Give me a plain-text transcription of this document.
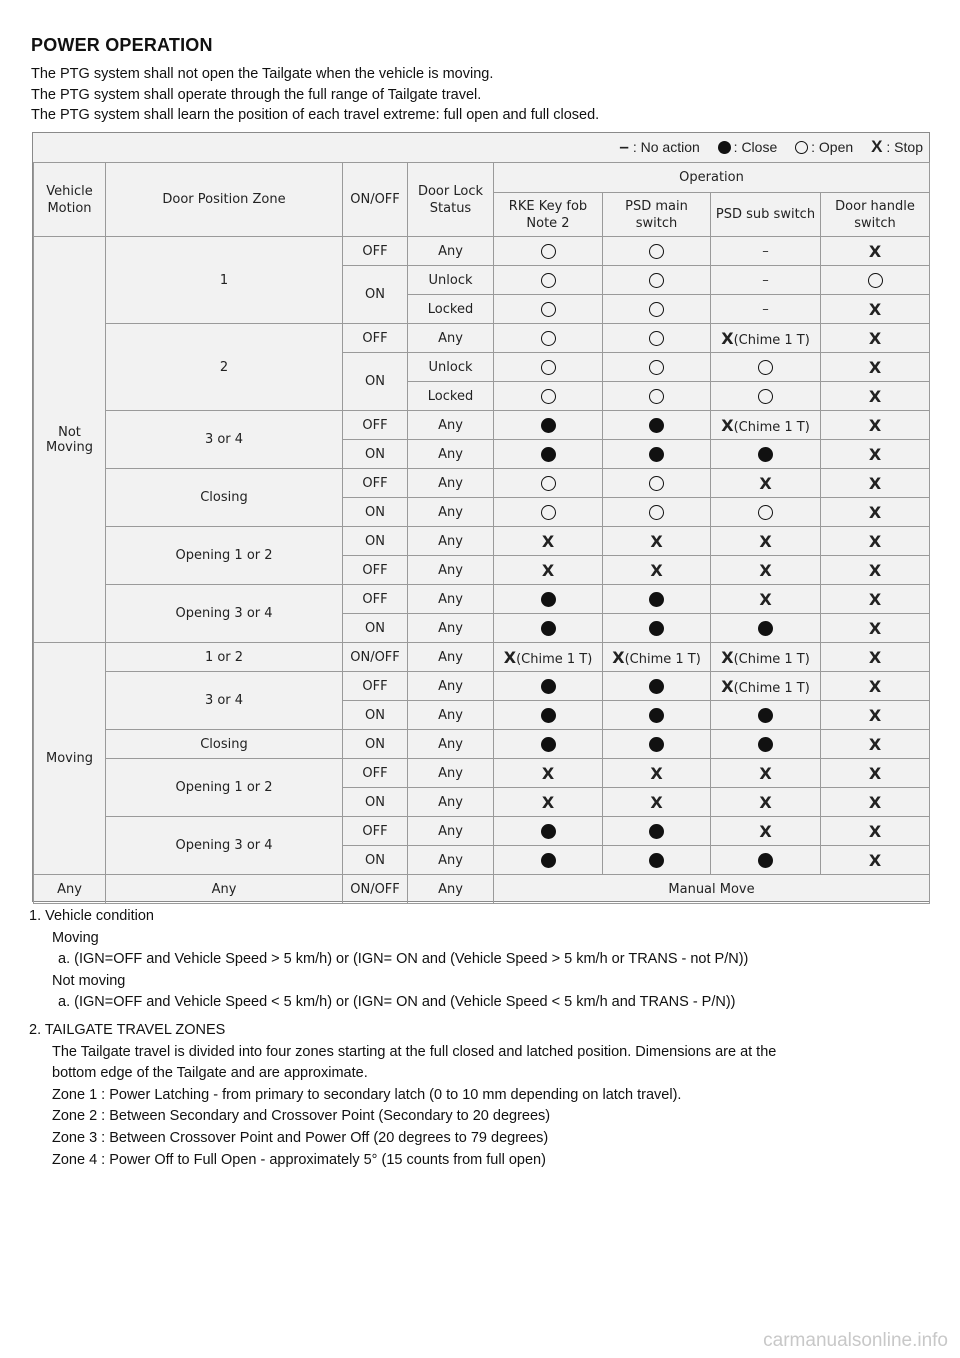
POWER OPERATION
The PTG system shall not open the Tailgate when the vehicle is moving.
The PTG system shall operate through the full range of Tailgate travel.
The PTG system shall learn the position of each travel extreme: full open and full closed.
– : No action : Close : Open X : Stop
Vehicle Motion	Door Position Zone	ON/OFF	Door Lock Status	Operation			
				RKE Key fob Note 2	PSD main switch	PSD sub switch	Door handle switch
Not Moving	1	OFF	Any			–	X
		ON	Unlock			–	
			Locked			–	X
	2	OFF	Any			X(Chime 1 T)	X
		ON	Unlock				X
			Locked				X
	3 or 4	OFF	Any			X(Chime 1 T)	X
		ON	Any				X
	Closing	OFF	Any			X	X
		ON	Any				X
	Opening 1 or 2	ON	Any	X	X	X	X
		OFF	Any	X	X	X	X
	Opening 3 or 4	OFF	Any			X	X
		ON	Any				X
Moving	1 or 2	ON/OFF	Any	X(Chime 1 T)	X(Chime 1 T)	X(Chime 1 T)	X
	3 or 4	OFF	Any			X(Chime 1 T)	X
		ON	Any				X
	Closing	ON	Any				X
	Opening 1 or 2	OFF	Any	X	X	X	X
		ON	Any	X	X	X	X
	Opening 3 or 4	OFF	Any			X	X
		ON	Any				X
Any	Any	ON/OFF	Any	Manual Move			
1. Vehicle condition
Moving
a. (IGN=OFF and Vehicle Speed > 5 km/h) or (IGN= ON and (Vehicle Speed > 5 km/h or TRANS - not P/N))
Not moving
a. (IGN=OFF and Vehicle Speed < 5 km/h) or (IGN= ON and (Vehicle Speed < 5 km/h and TRANS - P/N))
2. TAILGATE TRAVEL ZONES
The Tailgate travel is divided into four zones starting at the full closed and latched position. Dimensions are at the
bottom edge of the Tailgate and are approximate.
Zone 1 : Power Latching - from primary to secondary latch (0 to 10 mm depending on latch travel).
Zone 2 : Between Secondary and Crossover Point (Secondary to 20 degrees)
Zone 3 : Between Crossover Point and Power Off (20 degrees to 79 degrees)
Zone 4 : Power Off to Full Open - approximately 5° (15 counts from full open)
carmanualsonline.info
